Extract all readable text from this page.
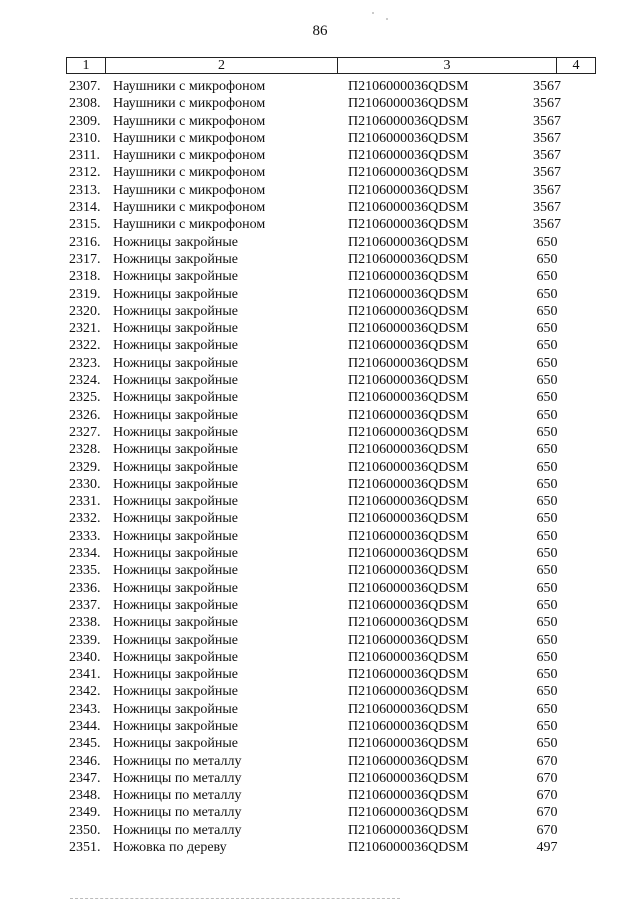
86
1	2	3	4
2307. Наушники с микрофоном	П2106000036QDSM	3567
2308. Наушники с микрофоном	П2106000036QDSM	3567
2309. Наушники с микрофоном	П2106000036QDSM	3567
2310. Наушники с микрофоном	П2106000036QDSM	3567
2311. Наушники с микрофоном	П2106000036QDSM	3567
2312. Наушники с микрофоном	П2106000036QDSM	3567
2313. Наушники с микрофоном	П2106000036QDSM	3567
2314. Наушники с микрофоном	П2106000036QDSM	3567
2315. Наушники с микрофоном	П2106000036QDSM	3567
2316. Ножницы закройные	П2106000036QDSM	650
2317. Ножницы закройные	П2106000036QDSM	650
2318. Ножницы закройные	П2106000036QDSM	650
2319. Ножницы закройные	П2106000036QDSM	650
2320. Ножницы закройные	П2106000036QDSM	650
2321. Ножницы закройные	П2106000036QDSM	650
2322. Ножницы закройные	П2106000036QDSM	650
2323. Ножницы закройные	П2106000036QDSM	650
2324. Ножницы закройные	П2106000036QDSM	650
2325. Ножницы закройные	П2106000036QDSM	650
2326. Ножницы закройные	П2106000036QDSM	650
2327. Ножницы закройные	П2106000036QDSM	650
2328. Ножницы закройные	П2106000036QDSM	650
2329. Ножницы закройные	П2106000036QDSM	650
2330. Ножницы закройные	П2106000036QDSM	650
2331. Ножницы закройные	П2106000036QDSM	650
2332. Ножницы закройные	П2106000036QDSM	650
2333. Ножницы закройные	П2106000036QDSM	650
2334. Ножницы закройные	П2106000036QDSM	650
2335. Ножницы закройные	П2106000036QDSM	650
2336. Ножницы закройные	П2106000036QDSM	650
2337. Ножницы закройные	П2106000036QDSM	650
2338. Ножницы закройные	П2106000036QDSM	650
2339. Ножницы закройные	П2106000036QDSM	650
2340. Ножницы закройные	П2106000036QDSM	650
2341. Ножницы закройные	П2106000036QDSM	650
2342. Ножницы закройные	П2106000036QDSM	650
2343. Ножницы закройные	П2106000036QDSM	650
2344. Ножницы закройные	П2106000036QDSM	650
2345. Ножницы закройные	П2106000036QDSM	650
2346. Ножницы по металлу	П2106000036QDSM	670
2347. Ножницы по металлу	П2106000036QDSM	670
2348. Ножницы по металлу	П2106000036QDSM	670
2349. Ножницы по металлу	П2106000036QDSM	670
2350. Ножницы по металлу	П2106000036QDSM	670
2351. Ножовка по дереву	П2106000036QDSM	497
